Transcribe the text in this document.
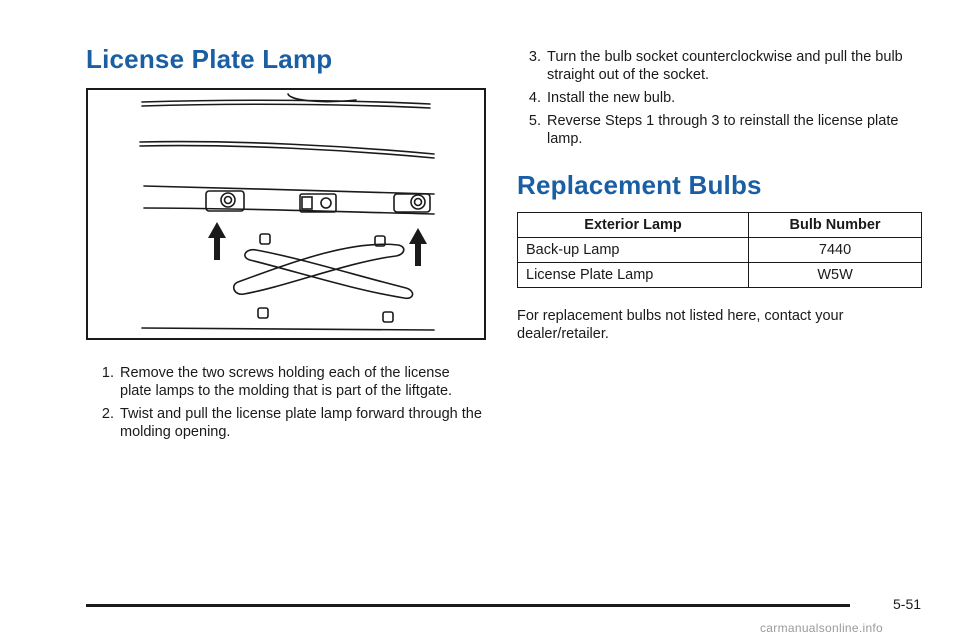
License Plate Lamp
1. Remove the two screws holding each of the license plate lamps to the molding that is part of the liftgate.
2. Twist and pull the license plate lamp forward through the molding opening.
3. Turn the bulb socket counterclockwise and pull the bulb straight out of the socket.
4. Install the new bulb.
5. Reverse Steps 1 through 3 to reinstall the license plate lamp.
Replacement Bulbs
Exterior Lamp	Bulb Number
Back-up Lamp	7440
License Plate Lamp	W5W

For replacement bulbs not listed here, contact your dealer/retailer.

5-51
carmanualsonline.info
